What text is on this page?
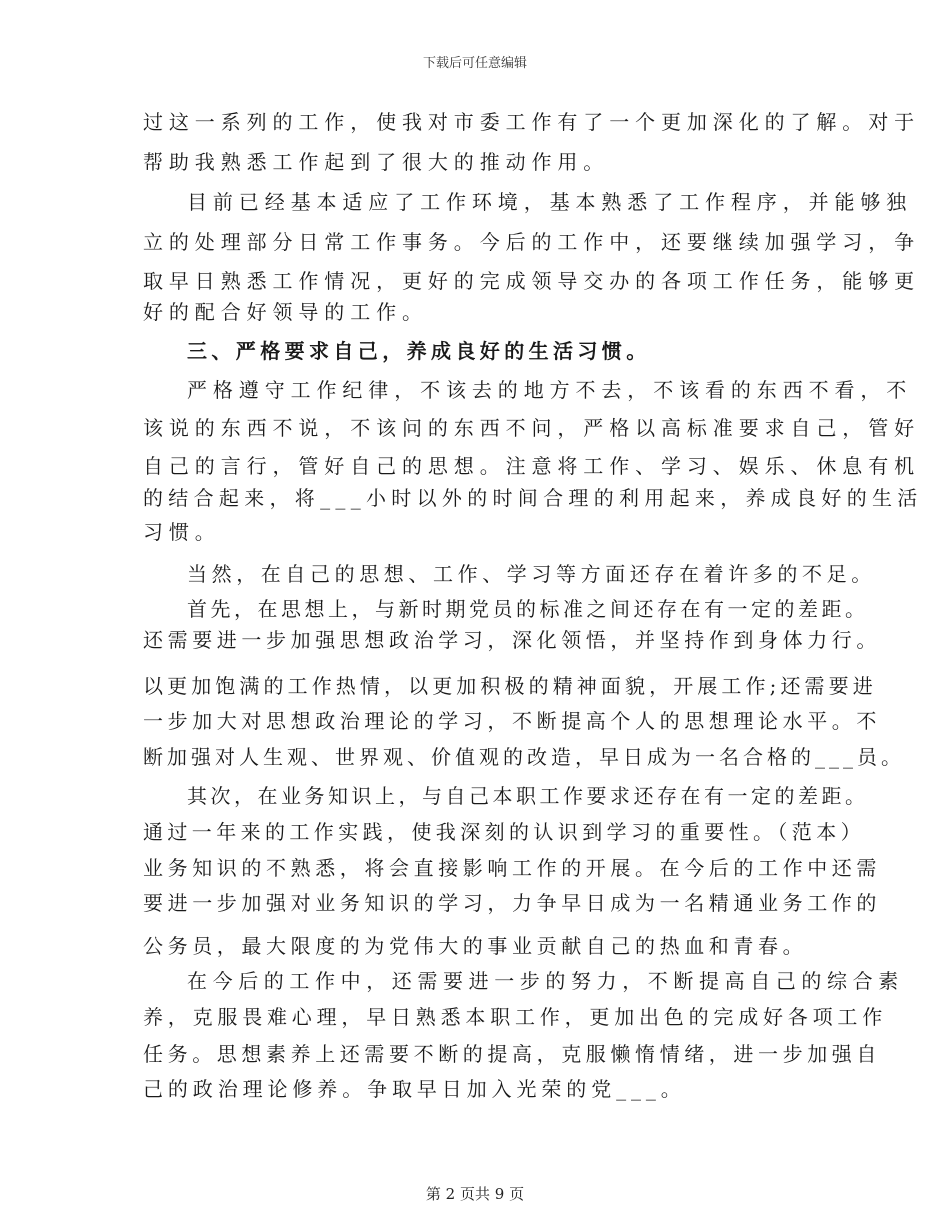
下载后可任意编辑
过这一系列的工作，使我对市委工作有了一个更加深化的了解。对于
帮助我熟悉工作起到了很大的推动作用。
目前已经基本适应了工作环境，基本熟悉了工作程序，并能够独
立的处理部分日常工作事务。今后的工作中，还要继续加强学习，争
取早日熟悉工作情况，更好的完成领导交办的各项工作任务，能够更
好的配合好领导的工作。
三、严格要求自己，养成良好的生活习惯。
严格遵守工作纪律，不该去的地方不去，不该看的东西不看，不
该说的东西不说，不该问的东西不问，严格以高标准要求自己，管好
自己的言行，管好自己的思想。注意将工作、学习、娱乐、休息有机
的结合起来，将___小时以外的时间合理的利用起来，养成良好的生活
习惯。
当然，在自己的思想、工作、学习等方面还存在着许多的不足。
首先，在思想上，与新时期党员的标准之间还存在有一定的差距。
还需要进一步加强思想政治学习，深化领悟，并坚持作到身体力行。
以更加饱满的工作热情，以更加积极的精神面貌，开展工作;还需要进
一步加大对思想政治理论的学习，不断提高个人的思想理论水平。不
断加强对人生观、世界观、价值观的改造，早日成为一名合格的___员。
其次，在业务知识上，与自己本职工作要求还存在有一定的差距。
通过一年来的工作实践，使我深刻的认识到学习的重要性。（范本）
业务知识的不熟悉，将会直接影响工作的开展。在今后的工作中还需
要进一步加强对业务知识的学习，力争早日成为一名精通业务工作的
公务员，最大限度的为党伟大的事业贡献自己的热血和青春。
在今后的工作中，还需要进一步的努力，不断提高自己的综合素
养，克服畏难心理，早日熟悉本职工作，更加出色的完成好各项工作
任务。思想素养上还需要不断的提高，克服懒惰情绪，进一步加强自
己的政治理论修养。争取早日加入光荣的党___。
第 2 页共 9 页
